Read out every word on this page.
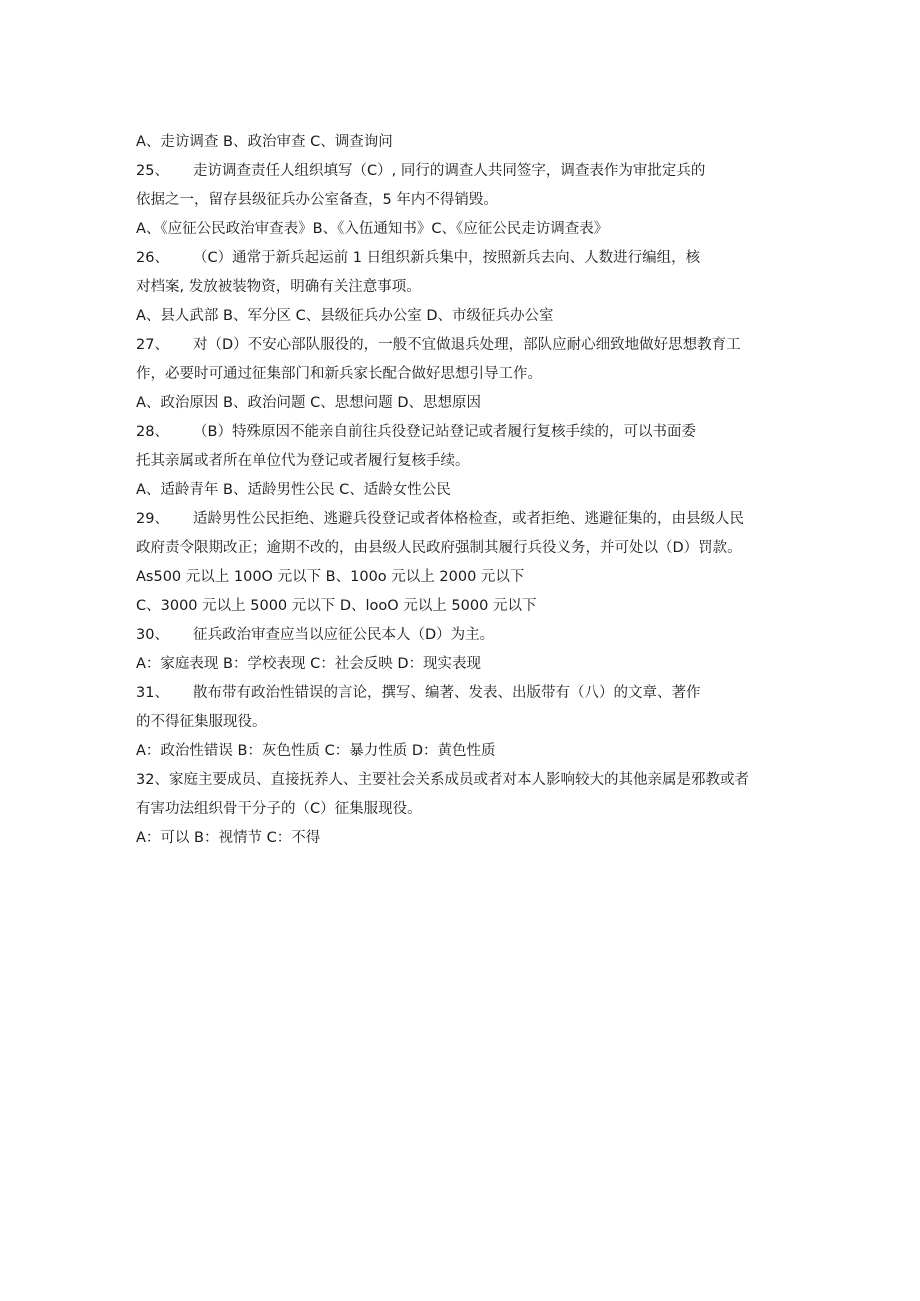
A、走访调查 B、政治审查 C、调查询问
25、 走访调查责任人组织填写（C）, 同行的调查人共同签字，调查表作为审批定兵的
依据之一，留存县级征兵办公室备查，5 年内不得销毁。
A、《应征公民政治审查表》B、《入伍通知书》C、《应征公民走访调查表》
26、 （C）通常于新兵起运前 1 日组织新兵集中，按照新兵去向、人数进行编组，核
对档案, 发放被装物资，明确有关注意事项。
A、县人武部 B、军分区 C、县级征兵办公室 D、市级征兵办公室
27、 对（D）不安心部队服役的，一般不宜做退兵处理，部队应耐心细致地做好思想教育工
作，必要时可通过征集部门和新兵家长配合做好思想引导工作。
A、政治原因 B、政治问题 C、思想问题 D、思想原因
28、 （B）特殊原因不能亲自前往兵役登记站登记或者履行复核手续的，可以书面委
托其亲属或者所在单位代为登记或者履行复核手续。
A、适龄青年 B、适龄男性公民 C、适龄女性公民
29、 适龄男性公民拒绝、逃避兵役登记或者体格检查，或者拒绝、逃避征集的，由县级人民
政府责令限期改正；逾期不改的，由县级人民政府强制其履行兵役义务，并可处以（D）罚款。
As500 元以上 100O 元以下 B、100o 元以上 2000 元以下
C、3000 元以上 5000 元以下 D、looO 元以上 5000 元以下
30、 征兵政治审查应当以应征公民本人（D）为主。
A：家庭表现 B：学校表现 C：社会反映 D：现实表现
31、 散布带有政治性错误的言论，撰写、编著、发表、出版带有（八）的文章、著作
的不得征集服现役。
A：政治性错误 B：灰色性质 C：暴力性质 D：黄色性质
32、家庭主要成员、直接抚养人、主要社会关系成员或者对本人影响较大的其他亲属是邪教或者
有害功法组织骨干分子的（C）征集服现役。
A：可以 B：视情节 C：不得
